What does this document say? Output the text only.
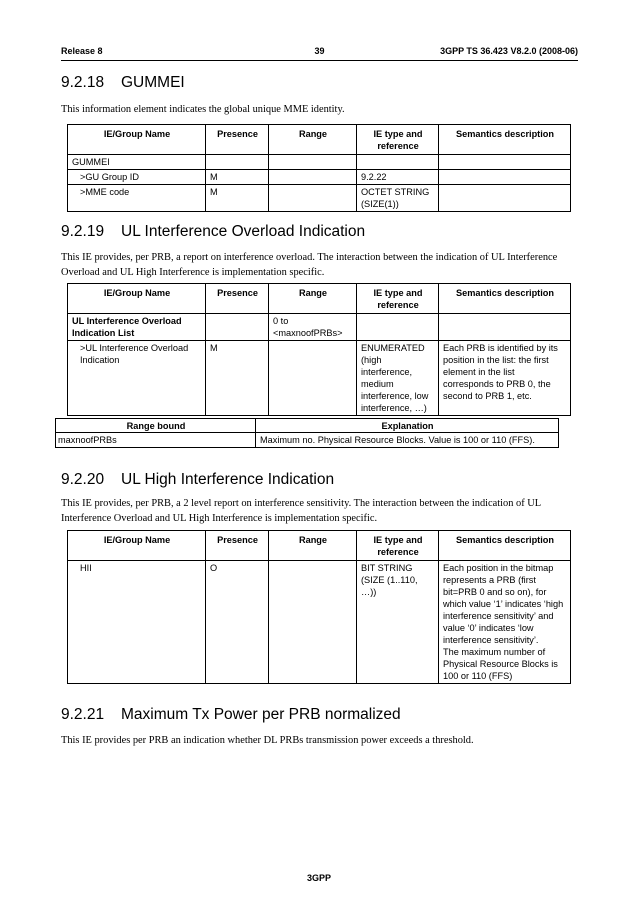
Release 8	39	3GPP TS 36.423 V8.2.0 (2008-06)
9.2.18 GUMMEI
This information element indicates the global unique MME identity.
IE/Group Name	Presence	Range	IE type and reference	Semantics description
GUMMEI				
>GU Group ID	M		9.2.22	
>MME code	M		OCTET STRING (SIZE(1))	
9.2.19 UL Interference Overload Indication
This IE provides, per PRB, a report on interference overload. The interaction between the indication of UL Interference Overload and UL High Interference is implementation specific.
IE/Group Name	Presence	Range	IE type and reference	Semantics description
UL Interference Overload Indication List		0 to <maxnoofPRBs>		
>UL Interference Overload Indication	M		ENUMERATED (high interference, medium interference, low interference, …)	Each PRB is identified by its position in the list: the first element in the list corresponds to PRB 0, the second to PRB 1, etc.
Range bound	Explanation
maxnoofPRBs	Maximum no. Physical Resource Blocks. Value is 100 or 110 (FFS).
9.2.20 UL High Interference Indication
This IE provides, per PRB, a 2 level report on interference sensitivity. The interaction between the indication of UL Interference Overload and UL High Interference is implementation specific.
IE/Group Name	Presence	Range	IE type and reference	Semantics description
HII	O		BIT STRING (SIZE (1..110, …))	Each position in the bitmap represents a PRB (first bit=PRB 0 and so on), for which value ‘1’ indicates ‘high interference sensitivity’ and value ‘0’ indicates ‘low interference sensitivity’.
The maximum number of Physical Resource Blocks is 100 or 110 (FFS)
9.2.21 Maximum Tx Power per PRB normalized
This IE provides per PRB an indication whether DL PRBs transmission power exceeds a threshold.
3GPP
